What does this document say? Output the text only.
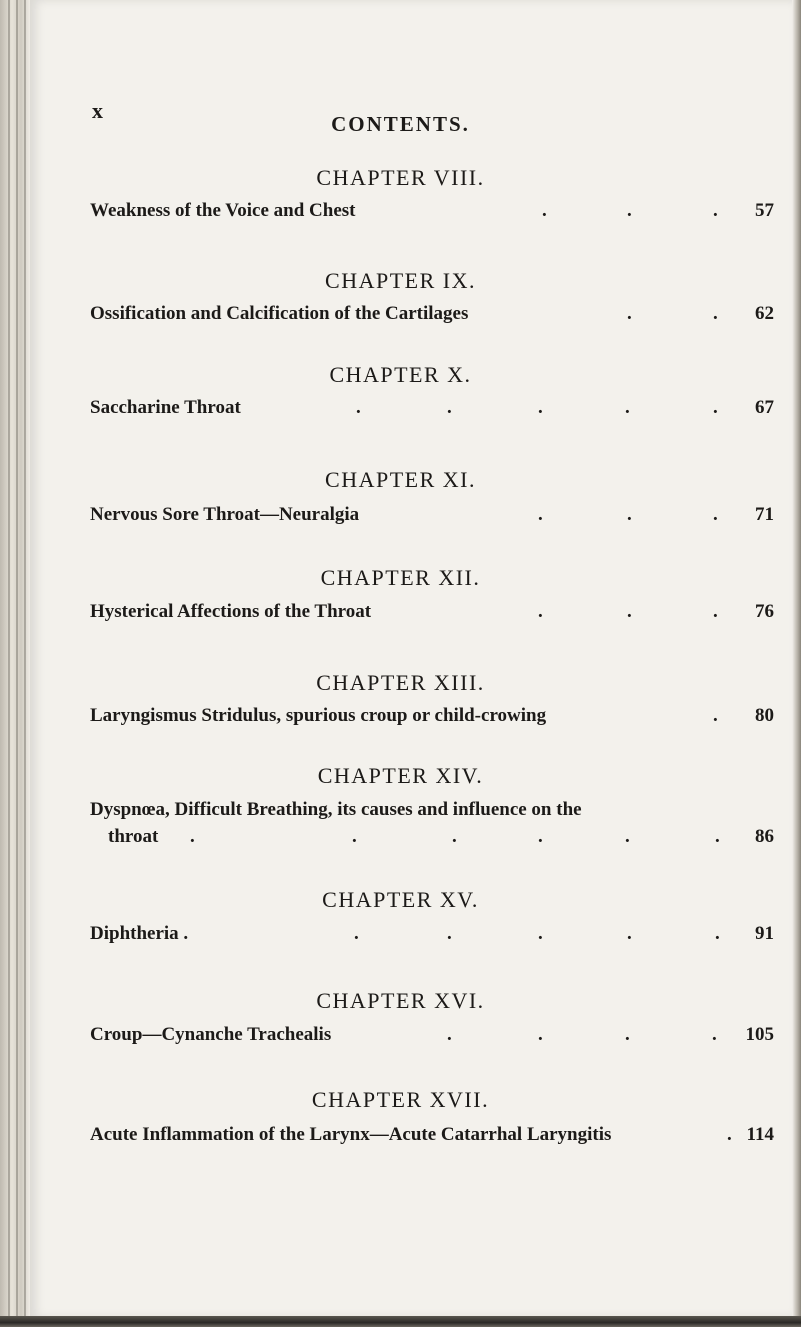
x
CONTENTS.
CHAPTER VIII.
Weakness of the Voice and Chest	.	.	. 57
CHAPTER IX.
Ossification and Calcification of the Cartilages	.	. 62
CHAPTER X.
Saccharine Throat	.	.	.	.	. 67
CHAPTER XI.
Nervous Sore Throat—Neuralgia	.	.	. 71
CHAPTER XII.
Hysterical Affections of the Throat	.	.	. 76
CHAPTER XIII.
Laryngismus Stridulus, spurious croup or child-crowing	. 80
CHAPTER XIV.
Dyspnœa, Difficult Breathing, its causes and influence on the
throat .	.	.	.	.	. 86
CHAPTER XV.
Diphtheria .	.	.	.	.	. 91
CHAPTER XVI.
Croup—Cynanche Trachealis	.	.	.	. 105
CHAPTER XVII.
Acute Inflammation of the Larynx—Acute Catarrhal Laryngitis	. 114
